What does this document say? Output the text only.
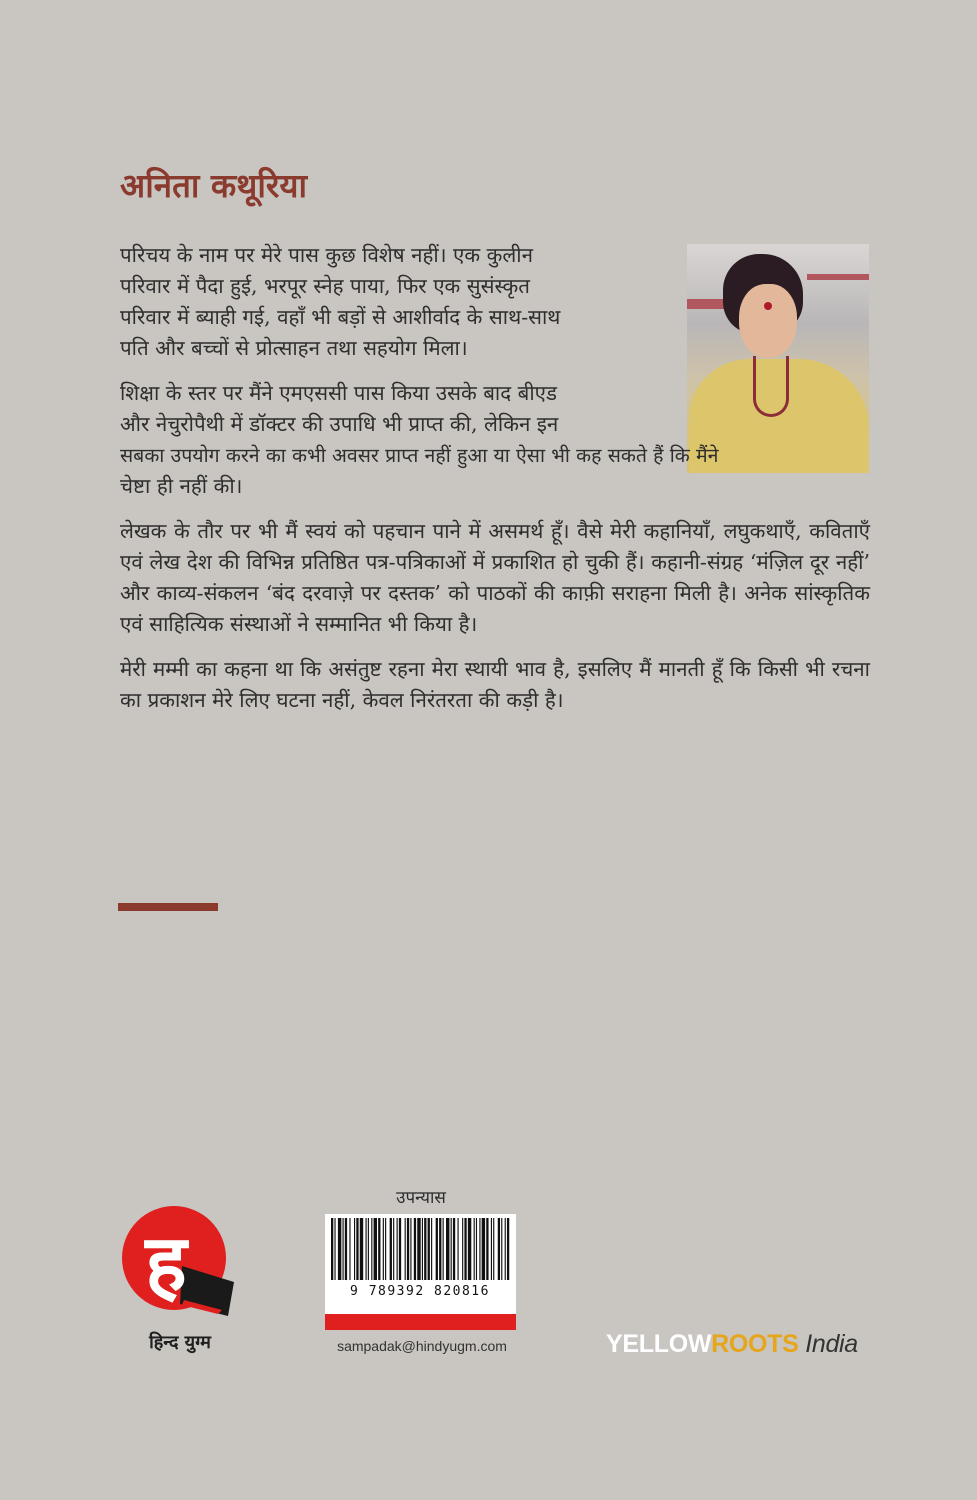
अनिता कथूरिया

परिचय के नाम पर मेरे पास कुछ विशेष नहीं। एक कुलीन
परिवार में पैदा हुई, भरपूर स्नेह पाया, फिर एक सुसंस्कृत
परिवार में ब्याही गई, वहाँ भी बड़ों से आशीर्वाद के साथ-साथ
पति और बच्चों से प्रोत्साहन तथा सहयोग मिला।

शिक्षा के स्तर पर मैंने एमएससी पास किया उसके बाद बीएड
और नेचुरोपैथी में डॉक्टर की उपाधि भी प्राप्त की, लेकिन इन
सबका उपयोग करने का कभी अवसर प्राप्त नहीं हुआ या ऐसा भी कह सकते हैं कि मैंने
चेष्टा ही नहीं की।

लेखक के तौर पर भी मैं स्वयं को पहचान पाने में असमर्थ हूँ। वैसे मेरी कहानियाँ, लघुकथाएँ, कविताएँ एवं लेख देश की विभिन्न प्रतिष्ठित पत्र-पत्रिकाओं में प्रकाशित हो चुकी हैं। कहानी-संग्रह ‘मंज़िल दूर नहीं’ और काव्य-संकलन ‘बंद दरवाज़े पर दस्तक’ को पाठकों की काफ़ी सराहना मिली है। अनेक सांस्कृतिक एवं साहित्यिक संस्थाओं ने सम्मानित भी किया है।

मेरी मम्मी का कहना था कि असंतुष्ट रहना मेरा स्थायी भाव है, इसलिए मैं मानती हूँ कि किसी भी रचना का प्रकाशन मेरे लिए घटना नहीं, केवल निरंतरता की कड़ी है।

ह
हिन्द युग्म
उपन्यास
9 789392 820816
sampadak@hindyugm.com	YELLOWROOTS India
